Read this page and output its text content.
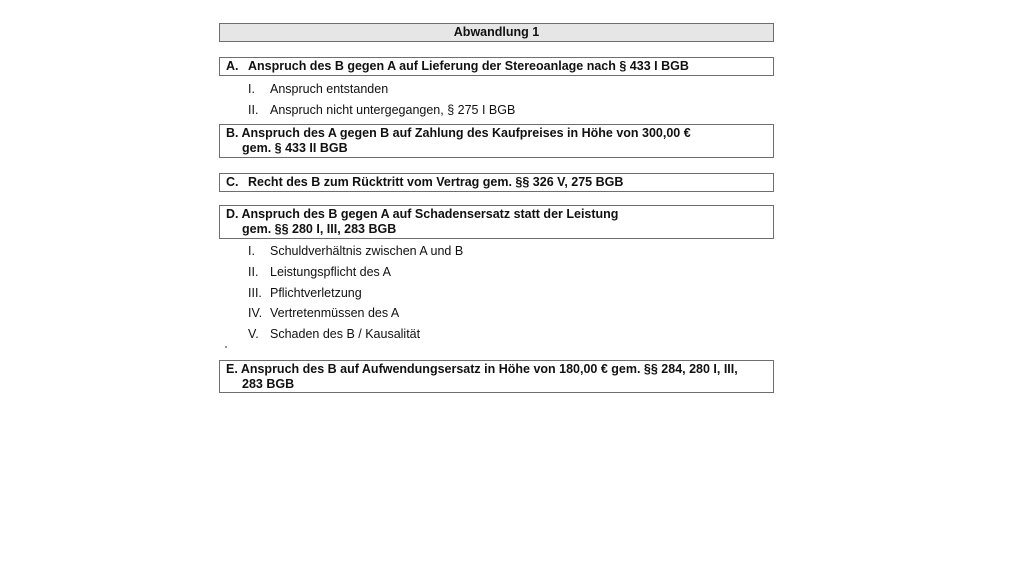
Abwandlung 1
A. Anspruch des B gegen A auf Lieferung der Stereoanlage nach § 433 I BGB
I.	Anspruch entstanden
II. Anspruch nicht untergegangen, § 275 I BGB
B. Anspruch des A gegen B auf Zahlung des Kaufpreises in Höhe von 300,00 €
gem. § 433 II BGB
C. Recht des B zum Rücktritt vom Vertrag gem. §§ 326 V, 275 BGB
D. Anspruch des B gegen A auf Schadensersatz statt der Leistung
gem. §§ 280 I, III, 283 BGB
I.	Schuldverhältnis zwischen A und B
II. Leistungspflicht des A
III. Pflichtverletzung
IV. Vertretenmüssen des A
V. Schaden des B / Kausalität
E. Anspruch des B auf Aufwendungsersatz in Höhe von 180,00 € gem. §§ 284, 280 I, III,
283 BGB
